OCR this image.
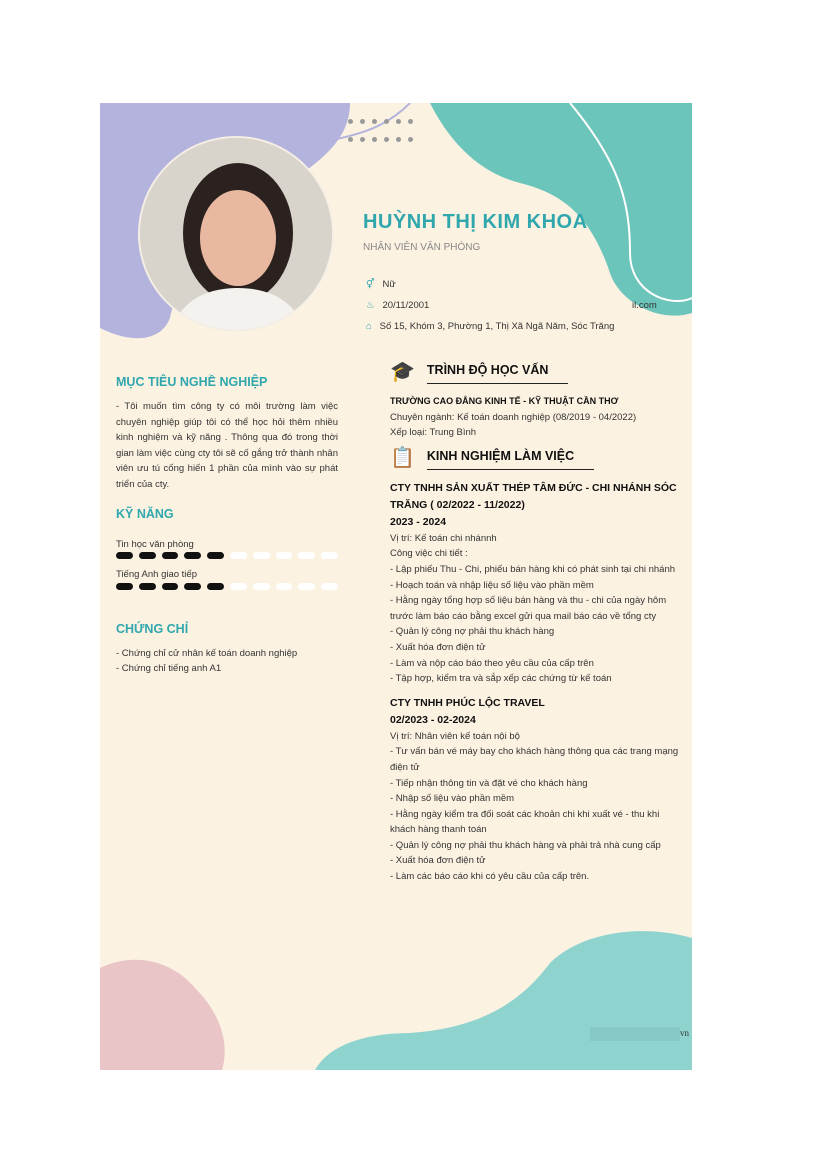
HUỲNH THỊ KIM KHOA
NHÂN VIÊN VĂN PHÒNG
⚥ Nữ
♨ 20/11/2001	il.com
⌂ Số 15, Khóm 3, Phường 1, Thị Xã Ngã Năm, Sóc Trăng
MỤC TIÊU NGHỀ NGHIỆP
- Tôi muốn tìm công ty có môi trường làm việc chuyên nghiệp giúp tôi có thể học hỏi thêm nhiều kinh nghiệm và kỹ năng . Thông qua đó trong thời gian làm việc cùng cty tôi sẽ cố gắng trở thành nhân viên ưu tú cống hiến 1 phần của mình vào sự phát triển của cty.
KỸ NĂNG
Tin học văn phòng
Tiếng Anh giao tiếp
CHỨNG CHỈ
- Chứng chỉ cử nhân kế toán doanh nghiệp
- Chứng chỉ tiếng anh A1
🎓 TRÌNH ĐỘ HỌC VẤN
TRƯỜNG CAO ĐẲNG KINH TẾ - KỸ THUẬT CẦN THƠ
Chuyên ngành: Kế toán doanh nghiệp (08/2019 - 04/2022)
Xếp loại: Trung Bình
📋 KINH NGHIỆM LÀM VIỆC
CTY TNHH SẢN XUẤT THÉP TÂM ĐỨC - CHI NHÁNH SÓC TRĂNG ( 02/2022 - 11/2022)
2023 - 2024
Vị trí: Kế toán chi nhánnh
Công việc chi tiết :
- Lập phiếu Thu - Chi, phiếu bán hàng khi có phát sinh tại chi nhánh
- Hoạch toán và nhập liệu số liệu vào phần mềm
- Hằng ngày tổng hợp số liệu bán hàng và thu - chi của ngày hôm trước làm báo cáo bằng excel gửi qua mail báo cáo về tổng cty
- Quản lý công nợ phải thu khách hàng
- Xuất hóa đơn điện tử
- Làm và nộp cáo báo theo yêu cầu của cấp trên
- Tập hợp, kiểm tra và sắp xếp các chứng từ kế toán
CTY TNHH PHÚC LỘC TRAVEL
02/2023 - 02-2024
Vị trí: Nhân viên kế toán nội bộ
- Tư vấn bán vé máy bay cho khách hàng thông qua các trang mạng điện tử
- Tiếp nhận thông tin và đặt vé cho khách hàng
- Nhập số liệu vào phần mềm
- Hằng ngày kiểm tra đối soát các khoản chi khi xuất vé - thu khi khách hàng thanh toán
- Quản lý công nợ phải thu khách hàng và phải trả nhà cung cấp
- Xuất hóa đơn điện tử
- Làm các báo cáo khi có yêu cầu của cấp trên.
vn
